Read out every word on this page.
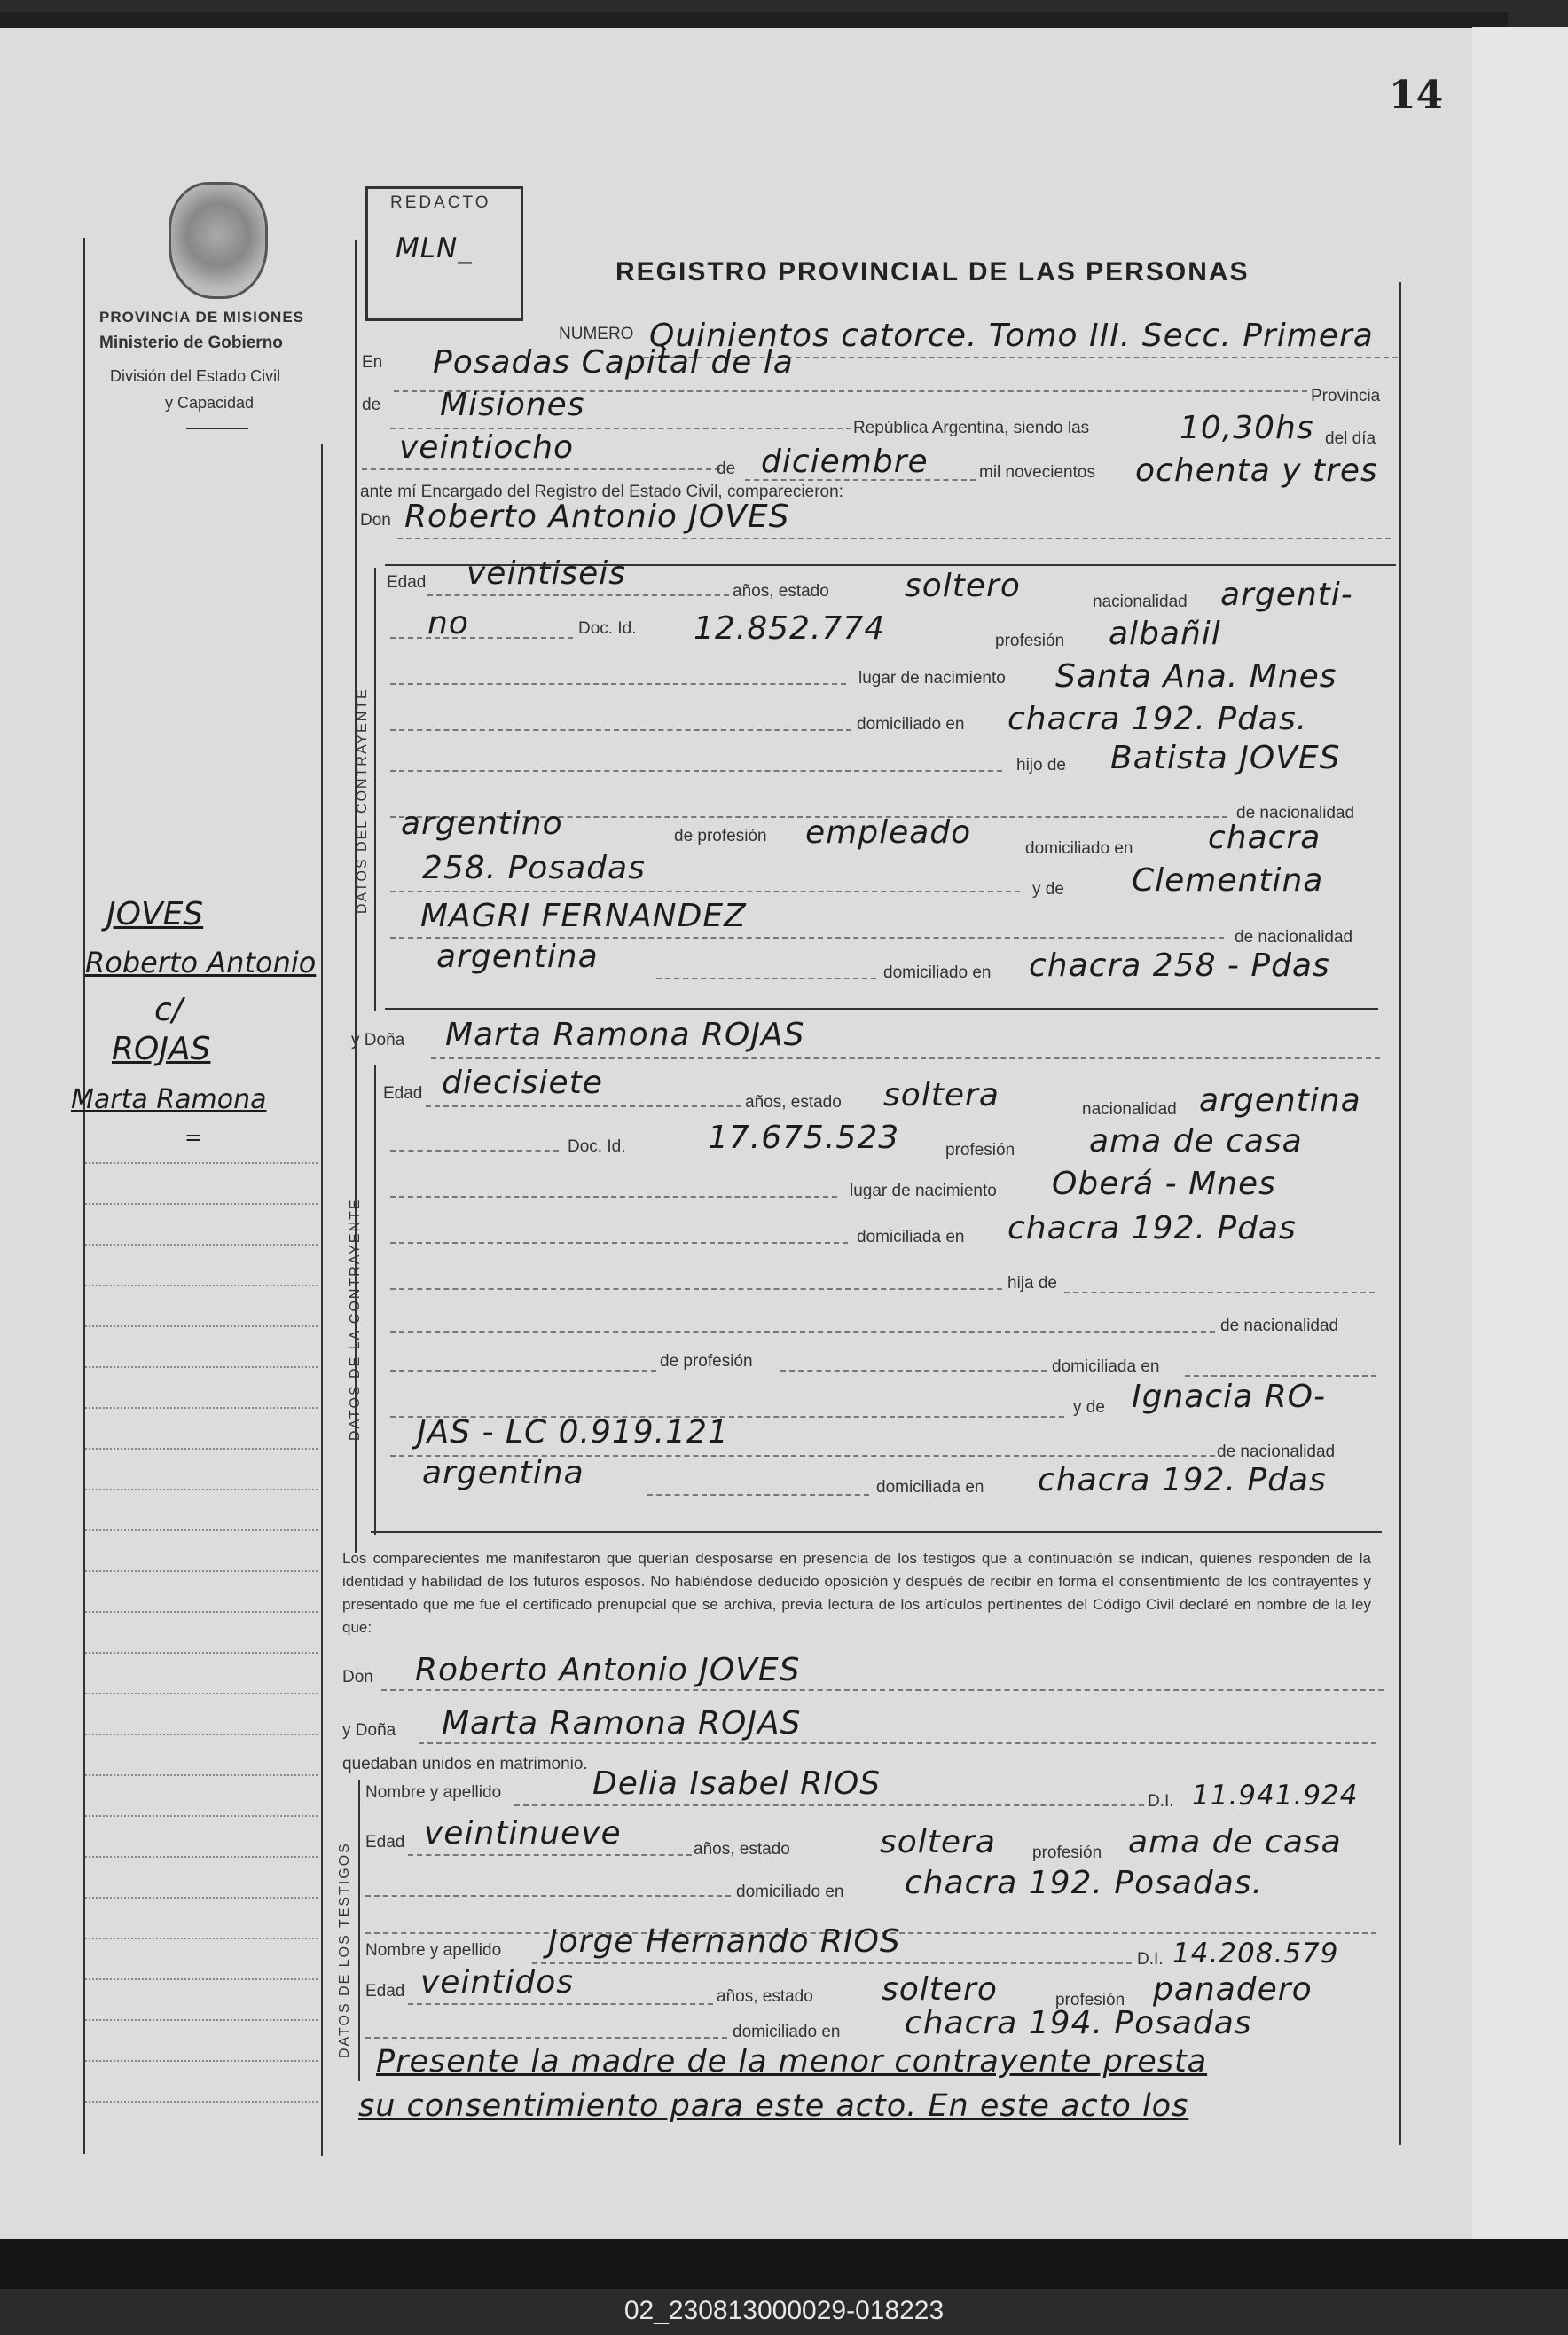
14
PROVINCIA DE MISIONES
Ministerio de Gobierno
División del Estado Civil
y Capacidad
REDACTO
MLN_
REGISTRO PROVINCIAL DE LAS PERSONAS
NUMERO Quinientos catorce. Tomo III. Secc. Primera
En Posadas Capital de la
Provincia
de Misiones
República Argentina, siendo las	10,30hs del día
veintiocho
de diciembre	mil novecientos ochenta y tres
ante mí Encargado del Registro del Estado Civil, comparecieron:
Don Roberto Antonio JOVES
DATOS DEL CONTRAYENTE
Edad veintiseis	años, estado soltero	nacionalidad argenti-
no	Doc. Id. 12.852.774	profesión albañil
lugar de nacimiento Santa Ana. Mnes
domiciliado en chacra 192. Pdas.
hijo de Batista JOVES
de nacionalidad
argentino	de profesión empleado	domiciliado en chacra
258. Posadas
y de Clementina
MAGRI FERNANDEZ
de nacionalidad
argentina	domiciliado en chacra 258 - Pdas
JOVES
Roberto Antonio
c/
ROJAS
Marta Ramona
=
y Doña Marta Ramona ROJAS
DATOS DE LA CONTRAYENTE
Edad diecisiete
años, estado soltera	nacionalidad argentina
Doc. Id.	17.675.523	profesión ama de casa
lugar de nacimiento Oberá - Mnes
domiciliada en chacra 192. Pdas
hija de
de nacionalidad
de profesión	domiciliada en
y de Ignacia RO-
JAS - LC 0.919.121
de nacionalidad
argentina	domiciliada en chacra 192. Pdas
Los comparecientes me manifestaron que querían desposarse en presencia de los testigos que a continuación se indican, quienes responden de la identidad y habilidad de los futuros esposos. No habiéndose deducido oposición y después de recibir en forma el consentimiento de los contrayentes y presentado que me fue el certificado prenupcial que se archiva, previa lectura de los artículos pertinentes del Código Civil declaré en nombre de la ley que:
Don Roberto Antonio JOVES
y Doña Marta Ramona ROJAS
quedaban unidos en matrimonio.
DATOS DE LOS TESTIGOS
Nombre y apellido	Delia Isabel RIOS	D.I. 11.941.924
Edad veintinueve	años, estado	soltera profesión ama de casa
domiciliado en chacra 192. Posadas.
Nombre y apellido Jorge Hernando RIOS	D.I. 14.208.579
Edad veintidos	años, estado soltero	profesión panadero
domiciliado en chacra 194. Posadas
Presente la madre de la menor contrayente presta
su consentimiento para este acto. En este acto los
02_230813000029-018223
